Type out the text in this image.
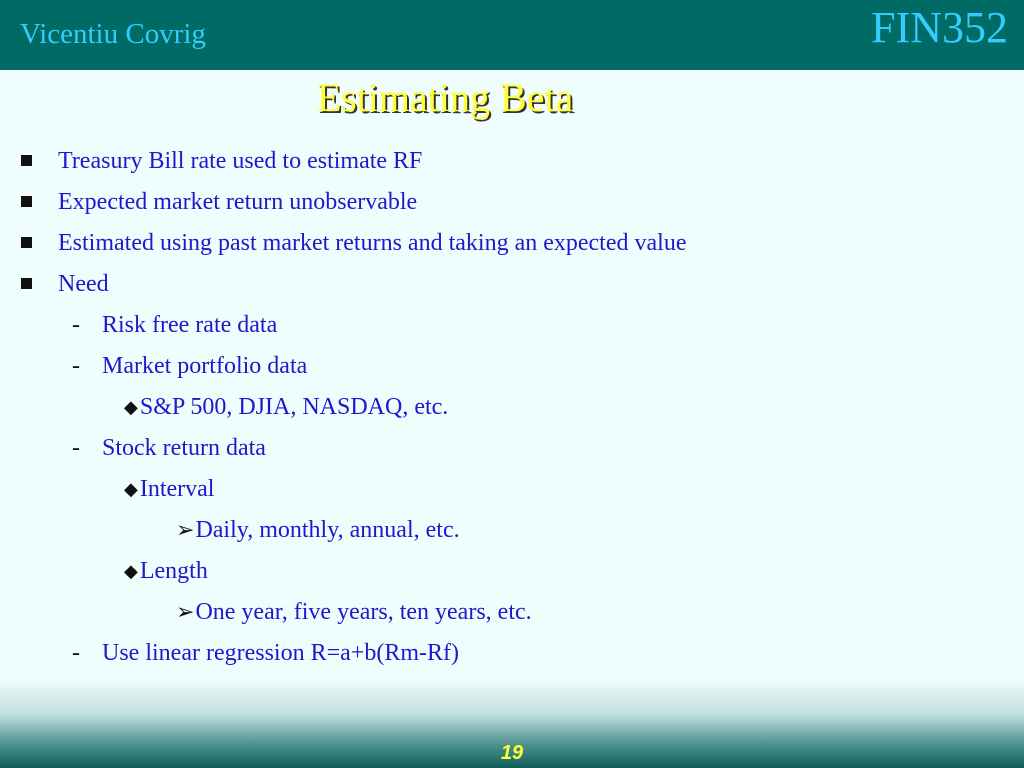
Vicentiu Covrig	FIN352
Estimating Beta
Treasury Bill rate used to estimate RF
Expected market return unobservable
Estimated using past market returns and taking an expected value
Need
- Risk free rate data
- Market portfolio data
◆S&P 500, DJIA, NASDAQ, etc.
- Stock return data
◆Interval
➢Daily, monthly, annual, etc.
◆Length
➢One year, five years, ten years, etc.
- Use linear regression R=a+b(Rm-Rf)
19
